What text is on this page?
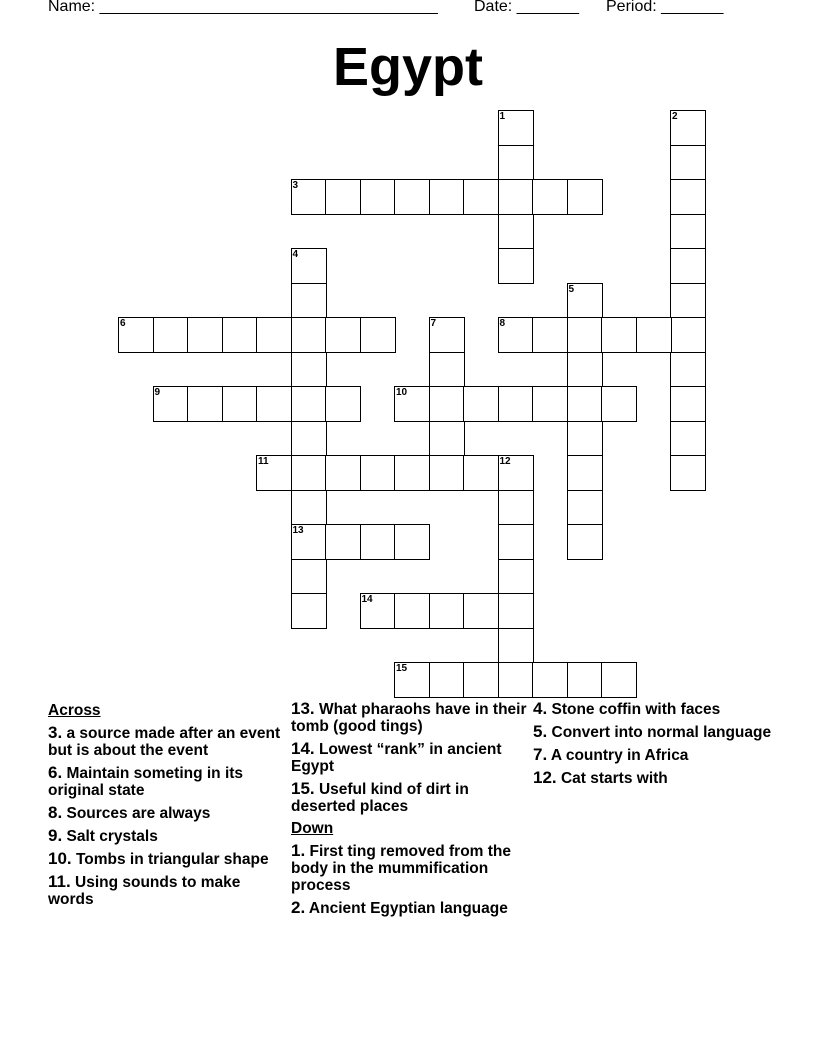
Name: ______________________________________ Date: _______ Period: _______
Egypt
1	2
3
4
13
5
6	7	8
9	10
11	12
14
15
Across
3. a source made after an event but is about the event
6. Maintain someting in its original state
8. Sources are always
9. Salt crystals
10. Tombs in triangular shape
11. Using sounds to make words
13. What pharaohs have in their tomb (good tings)
14. Lowest “rank” in ancient Egypt
15. Useful kind of dirt in deserted places
Down
1. First ting removed from the body in the mummification process
2. Ancient Egyptian language
4. Stone coffin with faces
5. Convert into normal language
7. A country in Africa
12. Cat starts with
